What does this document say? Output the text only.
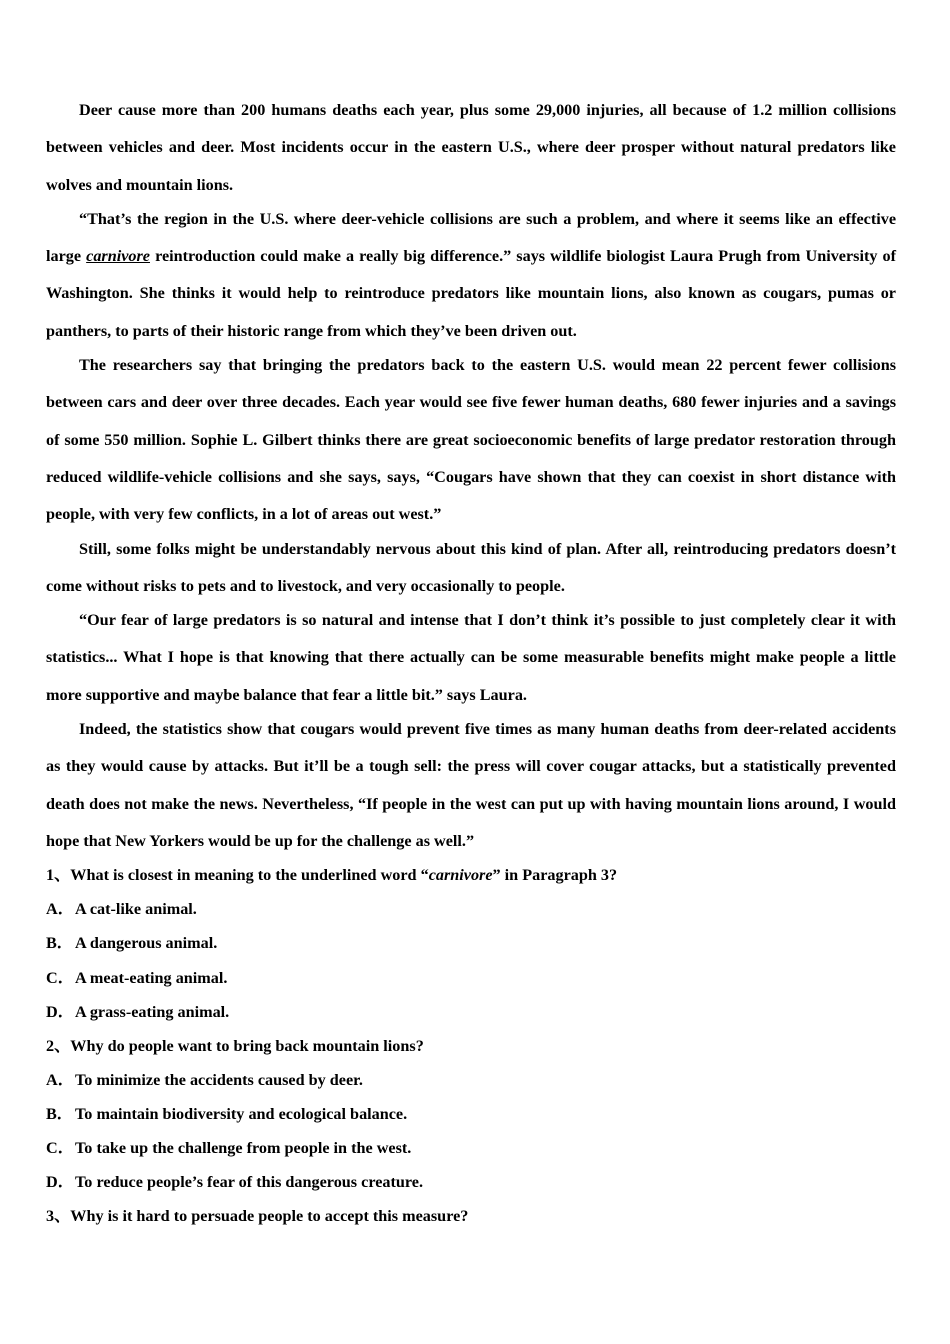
Deer cause more than 200 humans deaths each year, plus some 29,000 injuries, all because of 1.2 million collisions between vehicles and deer. Most incidents occur in the eastern U.S., where deer prosper without natural predators like wolves and mountain lions.

“That’s the region in the U.S. where deer-vehicle collisions are such a problem, and where it seems like an effective large carnivore reintroduction could make a really big difference.” says wildlife biologist Laura Prugh from University of Washington. She thinks it would help to reintroduce predators like mountain lions, also known as cougars, pumas or panthers, to parts of their historic range from which they’ve been driven out.

The researchers say that bringing the predators back to the eastern U.S. would mean 22 percent fewer collisions between cars and deer over three decades. Each year would see five fewer human deaths, 680 fewer injuries and a savings of some 550 million. Sophie L. Gilbert thinks there are great socioeconomic benefits of large predator restoration through reduced wildlife-vehicle collisions and she says, says, “Cougars have shown that they can coexist in short distance with people, with very few conflicts, in a lot of areas out west.”

Still, some folks might be understandably nervous about this kind of plan. After all, reintroducing predators doesn’t come without risks to pets and to livestock, and very occasionally to people.

“Our fear of large predators is so natural and intense that I don’t think it’s possible to just completely clear it with statistics... What I hope is that knowing that there actually can be some measurable benefits might make people a little more supportive and maybe balance that fear a little bit.” says Laura.

Indeed, the statistics show that cougars would prevent five times as many human deaths from deer-related accidents as they would cause by attacks. But it’ll be a tough sell: the press will cover cougar attacks, but a statistically prevented death does not make the news. Nevertheless, “If people in the west can put up with having mountain lions around, I would hope that New Yorkers would be up for the challenge as well.”

1、What is closest in meaning to the underlined word “carnivore” in Paragraph 3?

A．A cat-like animal.

B． A dangerous animal.

C．A meat-eating animal.

D．A grass-eating animal.

2、Why do people want to bring back mountain lions?

A．To minimize the accidents caused by deer.

B． To maintain biodiversity and ecological balance.

C．To take up the challenge from people in the west.

D．To reduce people’s fear of this dangerous creature.

3、Why is it hard to persuade people to accept this measure?
